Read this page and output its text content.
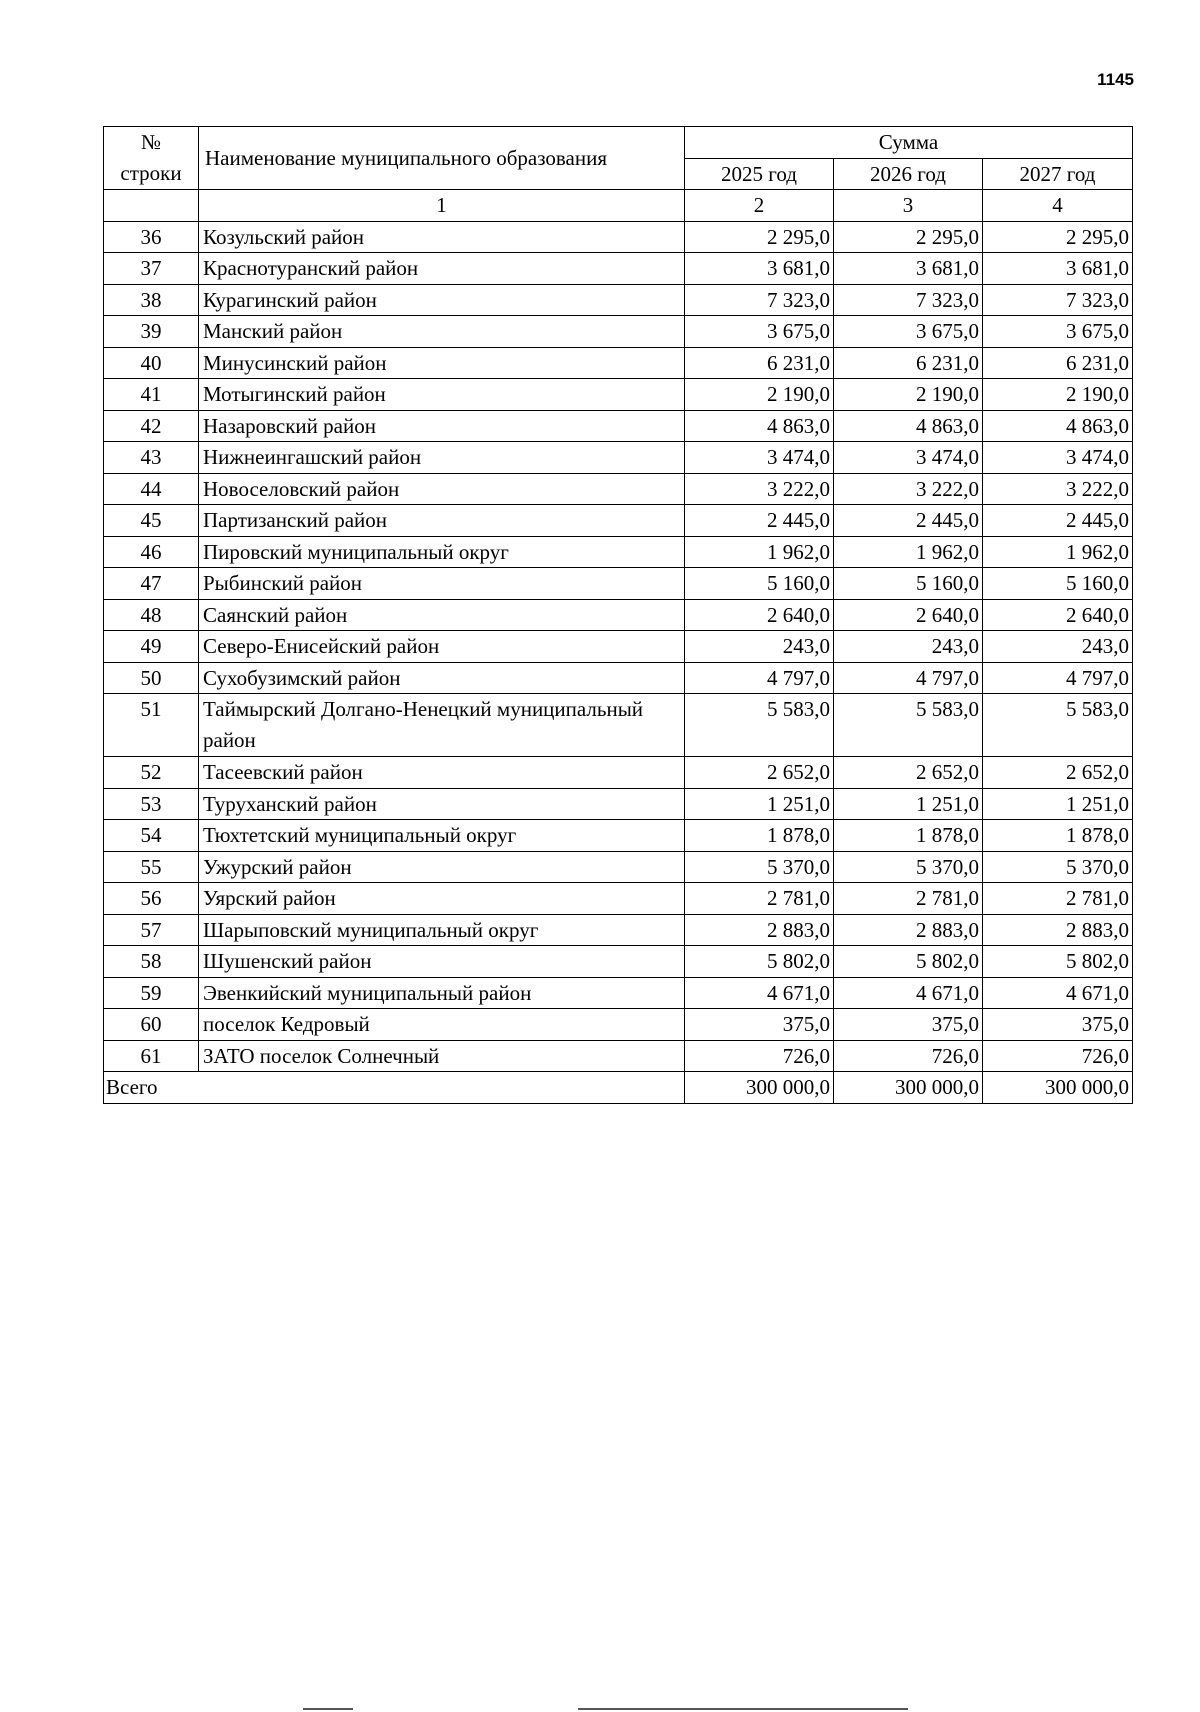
1145
№
строки	Наименование муниципального образования	Сумма		
		2025 год	2026 год	2027 год
	1	2	3	4
36	Козульский район	2 295,0	2 295,0	2 295,0
37	Краснотуранский район	3 681,0	3 681,0	3 681,0
38	Курагинский район	7 323,0	7 323,0	7 323,0
39	Манский район	3 675,0	3 675,0	3 675,0
40	Минусинский район	6 231,0	6 231,0	6 231,0
41	Мотыгинский район	2 190,0	2 190,0	2 190,0
42	Назаровский район	4 863,0	4 863,0	4 863,0
43	Нижнеингашский район	3 474,0	3 474,0	3 474,0
44	Новоселовский район	3 222,0	3 222,0	3 222,0
45	Партизанский район	2 445,0	2 445,0	2 445,0
46	Пировский муниципальный округ	1 962,0	1 962,0	1 962,0
47	Рыбинский район	5 160,0	5 160,0	5 160,0
48	Саянский район	2 640,0	2 640,0	2 640,0
49	Северо-Енисейский район	243,0	243,0	243,0
50	Сухобузимский район	4 797,0	4 797,0	4 797,0
51	Таймырский Долгано-Ненецкий муниципальный район	5 583,0	5 583,0	5 583,0
52	Тасеевский район	2 652,0	2 652,0	2 652,0
53	Туруханский район	1 251,0	1 251,0	1 251,0
54	Тюхтетский муниципальный округ	1 878,0	1 878,0	1 878,0
55	Ужурский район	5 370,0	5 370,0	5 370,0
56	Уярский район	2 781,0	2 781,0	2 781,0
57	Шарыповский муниципальный округ	2 883,0	2 883,0	2 883,0
58	Шушенский район	5 802,0	5 802,0	5 802,0
59	Эвенкийский муниципальный район	4 671,0	4 671,0	4 671,0
60	поселок Кедровый	375,0	375,0	375,0
61	ЗАТО поселок Солнечный	726,0	726,0	726,0
Всего		300 000,0	300 000,0	300 000,0
